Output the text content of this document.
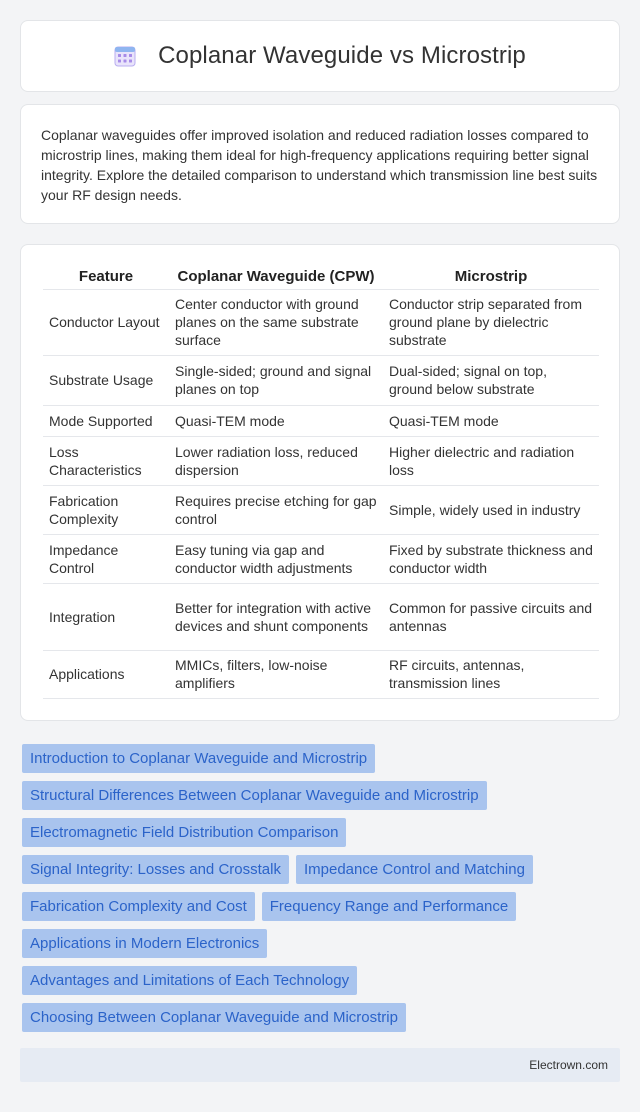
Coplanar Waveguide vs Microstrip

Coplanar waveguides offer improved isolation and reduced radiation losses compared to microstrip lines, making them ideal for high-frequency applications requiring better signal integrity. Explore the detailed comparison to understand which transmission line best suits your RF design needs.

Feature	Coplanar Waveguide (CPW)	Microstrip
Conductor Layout	Center conductor with ground planes on the same substrate surface	Conductor strip separated from ground plane by dielectric substrate
Substrate Usage	Single-sided; ground and signal planes on top	Dual-sided; signal on top, ground below substrate
Mode Supported	Quasi-TEM mode	Quasi-TEM mode
Loss Characteristics	Lower radiation loss, reduced dispersion	Higher dielectric and radiation loss
Fabrication Complexity	Requires precise etching for gap control	Simple, widely used in industry
Impedance Control	Easy tuning via gap and conductor width adjustments	Fixed by substrate thickness and conductor width
Integration	Better for integration with active devices and shunt components	Common for passive circuits and antennas
Applications	MMICs, filters, low-noise amplifiers	RF circuits, antennas, transmission lines
Introduction to Coplanar Waveguide and Microstrip
Structural Differences Between Coplanar Waveguide and Microstrip
Electromagnetic Field Distribution Comparison
Signal Integrity: Losses and Crosstalk Impedance Control and Matching
Fabrication Complexity and Cost Frequency Range and Performance
Applications in Modern Electronics
Advantages and Limitations of Each Technology
Choosing Between Coplanar Waveguide and Microstrip
Electrown.com
